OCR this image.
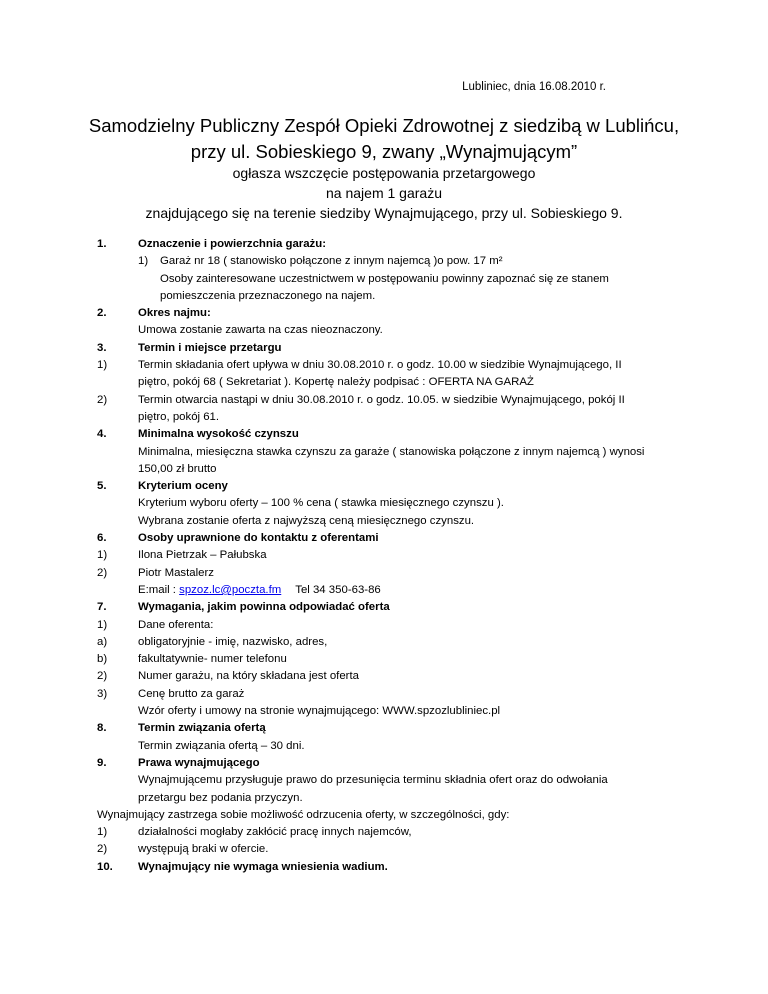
Lubliniec, dnia 16.08.2010 r.
Samodzielny Publiczny Zespół Opieki Zdrowotnej z siedzibą w Lublińcu,
przy ul. Sobieskiego 9, zwany „Wynajmującym”
ogłasza wszczęcie postępowania przetargowego
na najem 1 garażu
znajdującego się na terenie siedziby Wynajmującego, przy ul. Sobieskiego 9.
1.	Oznaczenie i powierzchnia garażu:
1) Garaż nr 18 ( stanowisko połączone z innym najemcą )o pow. 17 m²
Osoby zainteresowane uczestnictwem w postępowaniu powinny zapoznać się ze stanem
pomieszczenia przeznaczonego na najem.
2.	Okres najmu:
Umowa zostanie zawarta na czas nieoznaczony.
3.	Termin i miejsce przetargu
1)	Termin składania ofert upływa w dniu 30.08.2010 r. o godz. 10.00 w siedzibie Wynajmującego, II
piętro, pokój 68 ( Sekretariat ). Kopertę należy podpisać : OFERTA NA GARAŻ
2)	Termin otwarcia nastąpi w dniu 30.08.2010 r. o godz. 10.05. w siedzibie Wynajmującego, pokój II
piętro, pokój 61.
4.	Minimalna wysokość czynszu
Minimalna, miesięczna stawka czynszu za garaże ( stanowiska połączone z innym najemcą ) wynosi
150,00 zł brutto
5.	Kryterium oceny
Kryterium wyboru oferty – 100 % cena ( stawka miesięcznego czynszu ).
Wybrana zostanie oferta z najwyższą ceną miesięcznego czynszu.
6.	Osoby uprawnione do kontaktu z oferentami
1)	Ilona Pietrzak – Pałubska
2)	Piotr Mastalerz
E:mail : spzoz.lc@poczta.fm Tel 34 350-63-86
7.	Wymagania, jakim powinna odpowiadać oferta
1)	Dane oferenta:
a)	obligatoryjnie - imię, nazwisko, adres,
b)	fakultatywnie- numer telefonu
2)	Numer garażu, na który składana jest oferta
3)	Cenę brutto za garaż
Wzór oferty i umowy na stronie wynajmującego: WWW.spzozlubliniec.pl
8.	Termin związania ofertą
Termin związania ofertą – 30 dni.
9.	Prawa wynajmującego
Wynajmującemu przysługuje prawo do przesunięcia terminu składnia ofert oraz do odwołania
przetargu bez podania przyczyn.
Wynajmujący zastrzega sobie możliwość odrzucenia oferty, w szczególności, gdy:
1)	działalności mogłaby zakłócić pracę innych najemców,
2)	występują braki w ofercie.
10.	Wynajmujący nie wymaga wniesienia wadium.
